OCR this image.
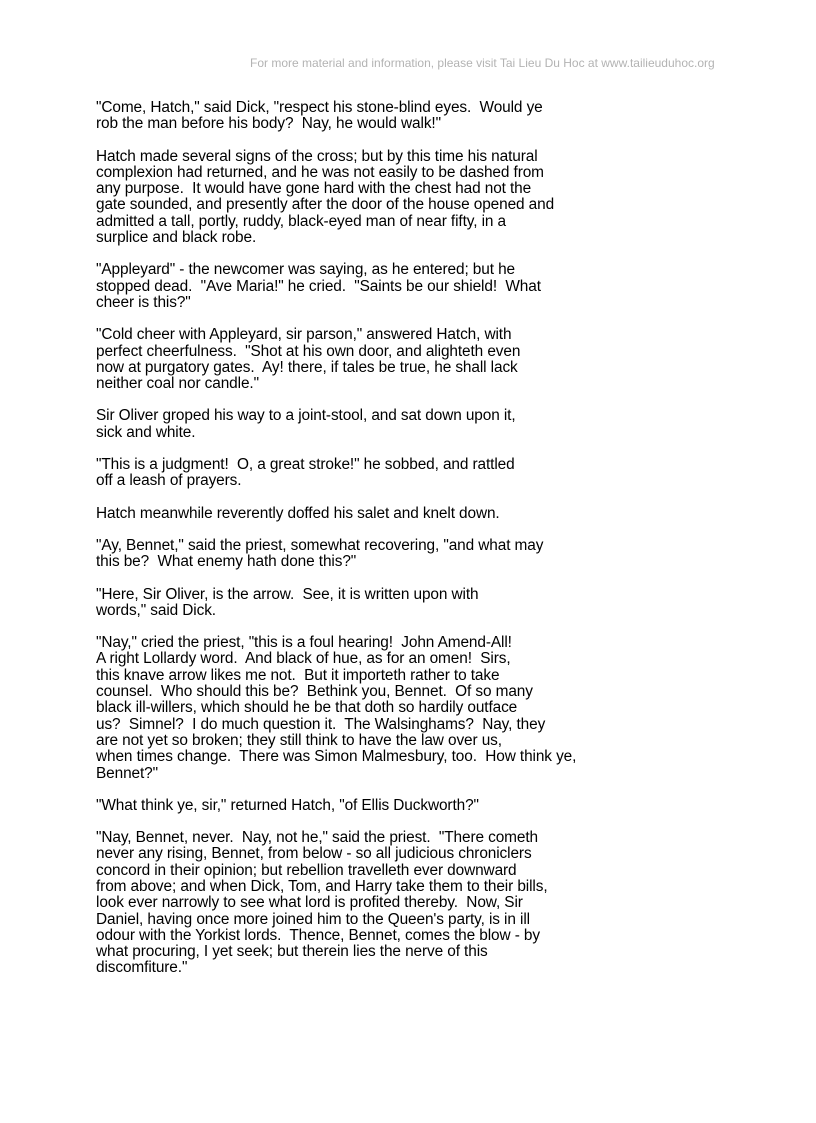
For more material and information, please visit Tai Lieu Du Hoc at www.tailieuduhoc.org

"Come, Hatch," said Dick, "respect his stone-blind eyes.  Would ye
rob the man before his body?  Nay, he would walk!"

Hatch made several signs of the cross; but by this time his natural
complexion had returned, and he was not easily to be dashed from
any purpose.  It would have gone hard with the chest had not the
gate sounded, and presently after the door of the house opened and
admitted a tall, portly, ruddy, black-eyed man of near fifty, in a
surplice and black robe.

"Appleyard" - the newcomer was saying, as he entered; but he
stopped dead.  "Ave Maria!" he cried.  "Saints be our shield!  What
cheer is this?"

"Cold cheer with Appleyard, sir parson," answered Hatch, with
perfect cheerfulness.  "Shot at his own door, and alighteth even
now at purgatory gates.  Ay! there, if tales be true, he shall lack
neither coal nor candle."

Sir Oliver groped his way to a joint-stool, and sat down upon it,
sick and white.

"This is a judgment!  O, a great stroke!" he sobbed, and rattled
off a leash of prayers.

Hatch meanwhile reverently doffed his salet and knelt down.

"Ay, Bennet," said the priest, somewhat recovering, "and what may
this be?  What enemy hath done this?"

"Here, Sir Oliver, is the arrow.  See, it is written upon with
words," said Dick.

"Nay," cried the priest, "this is a foul hearing!  John Amend-All!
A right Lollardy word.  And black of hue, as for an omen!  Sirs,
this knave arrow likes me not.  But it importeth rather to take
counsel.  Who should this be?  Bethink you, Bennet.  Of so many
black ill-willers, which should he be that doth so hardily outface
us?  Simnel?  I do much question it.  The Walsinghams?  Nay, they
are not yet so broken; they still think to have the law over us,
when times change.  There was Simon Malmesbury, too.  How think ye,
Bennet?"

"What think ye, sir," returned Hatch, "of Ellis Duckworth?"

"Nay, Bennet, never.  Nay, not he," said the priest.  "There cometh
never any rising, Bennet, from below - so all judicious chroniclers
concord in their opinion; but rebellion travelleth ever downward
from above; and when Dick, Tom, and Harry take them to their bills,
look ever narrowly to see what lord is profited thereby.  Now, Sir
Daniel, having once more joined him to the Queen's party, is in ill
odour with the Yorkist lords.  Thence, Bennet, comes the blow - by
what procuring, I yet seek; but therein lies the nerve of this
discomfiture."
